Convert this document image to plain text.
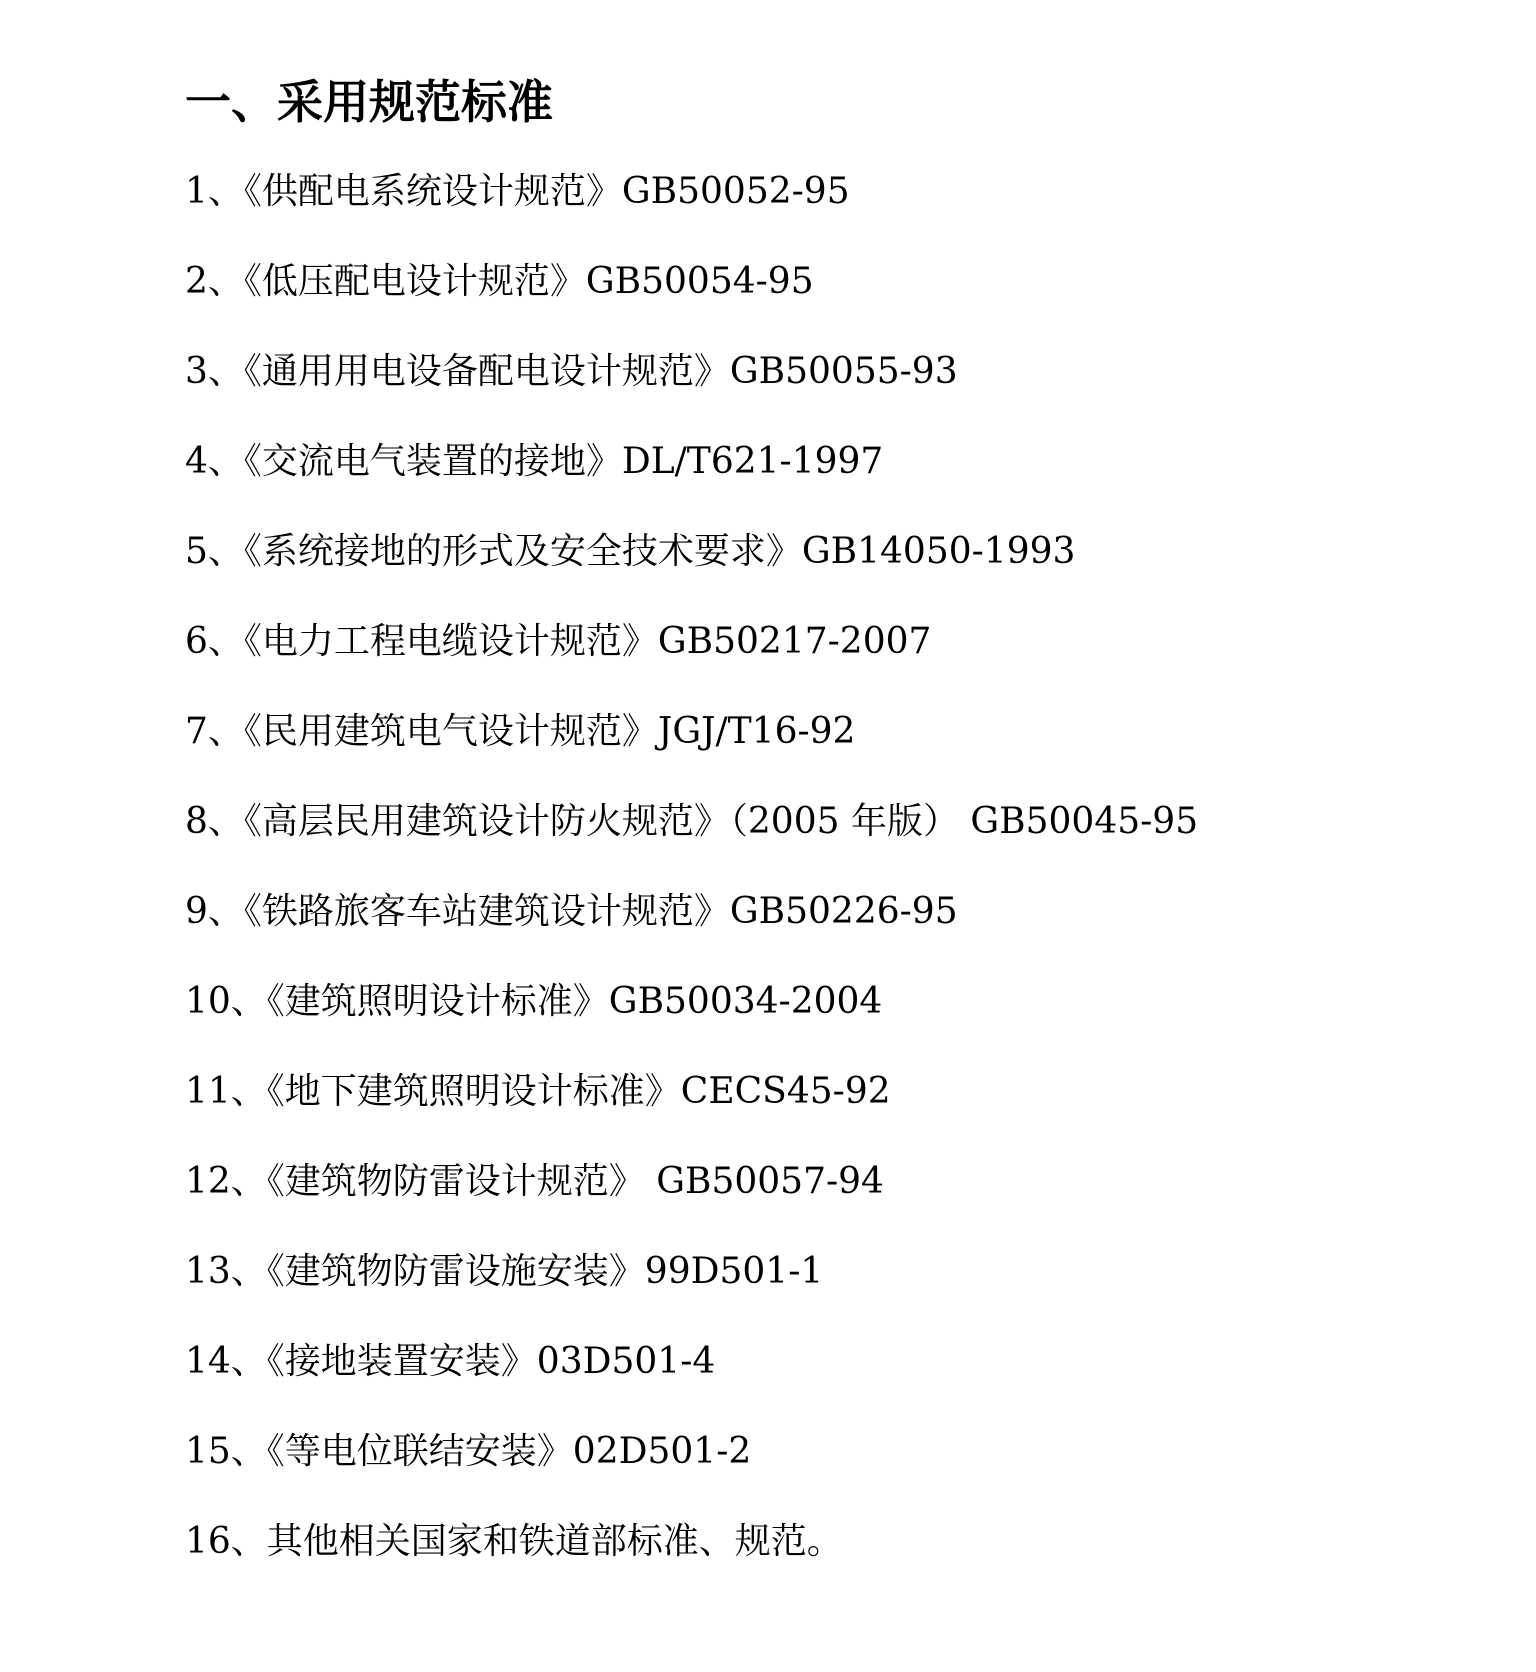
一、采用规范标准
1、《供配电系统设计规范》GB50052-95
2、《低压配电设计规范》GB50054-95
3、《通用用电设备配电设计规范》GB50055-93
4、《交流电气装置的接地》DL/T621-1997
5、《系统接地的形式及安全技术要求》GB14050-1993
6、《电力工程电缆设计规范》GB50217-2007
7、《民用建筑电气设计规范》JGJ/T16-92
8、《高层民用建筑设计防火规范》（2005 年版） GB50045-95
9、《铁路旅客车站建筑设计规范》GB50226-95
10、《建筑照明设计标准》GB50034-2004
11、《地下建筑照明设计标准》CECS45-92
12、《建筑物防雷设计规范》 GB50057-94
13、《建筑物防雷设施安装》99D501-1
14、《接地装置安装》03D501-4
15、《等电位联结安装》02D501-2
16、其他相关国家和铁道部标准、规范。
